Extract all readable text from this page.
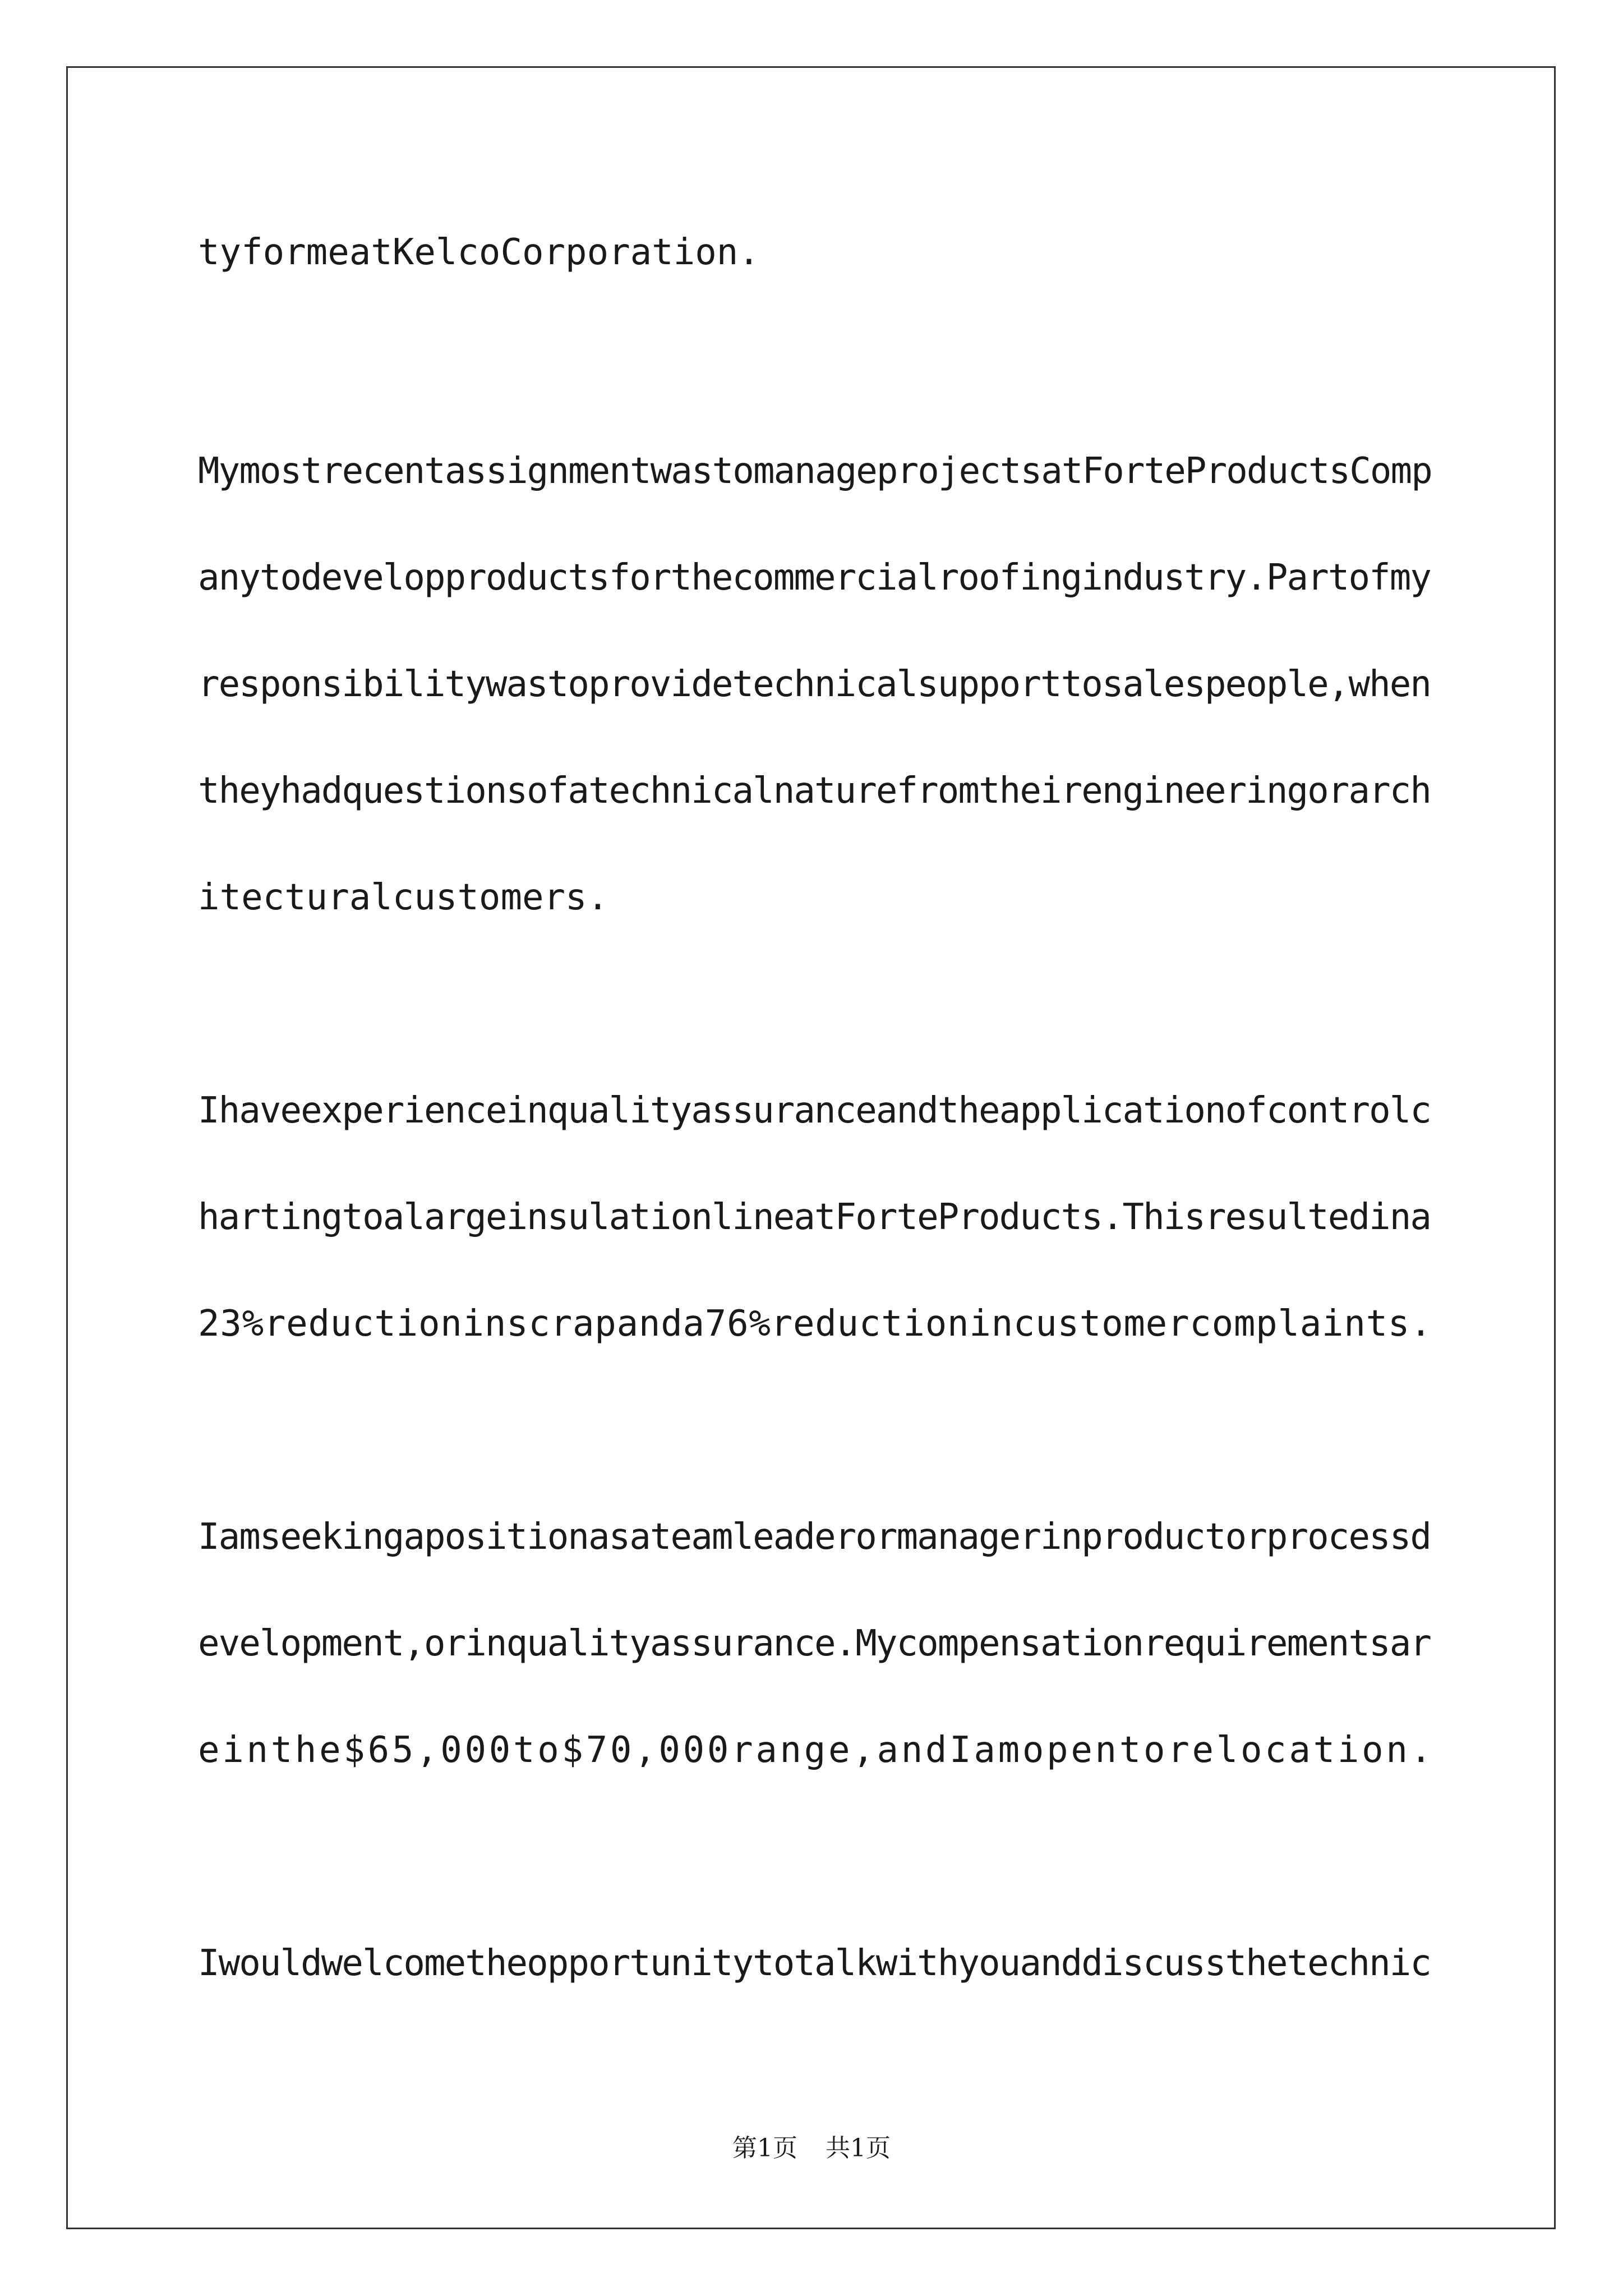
tyformeatKelcoCorporation.
Mymostrecentassignmentwastomanageprojectsat​ForteProductsComp
anytodevelopproductsforthecommercialroofingindustry.Partofmy
responsibilitywastoprovidetechnicalsupporttosalespeople,when
theyhadquestionsofatechnicalnaturefromtheirengineeringorarch
itecturalcustomers.
Ihaveexperienceinqualityassuranceandtheapplicationofcontrolc
hartingtoalargeinsulationlineatForteProducts.Thisresultedina
23%reductioninscrapanda76%reductionincustomercomplaints.
Iamseekingapositionasateamleaderormanagerinproductorprocessd
evelopment,orinqualityassurance.Mycompensationrequirementsar
einthe$65,000to$70,000range,andIamopentorelocation.
Iwouldwelcometheopportunitytotalkwithyouanddiscussthetechnic
第1页 共1页
